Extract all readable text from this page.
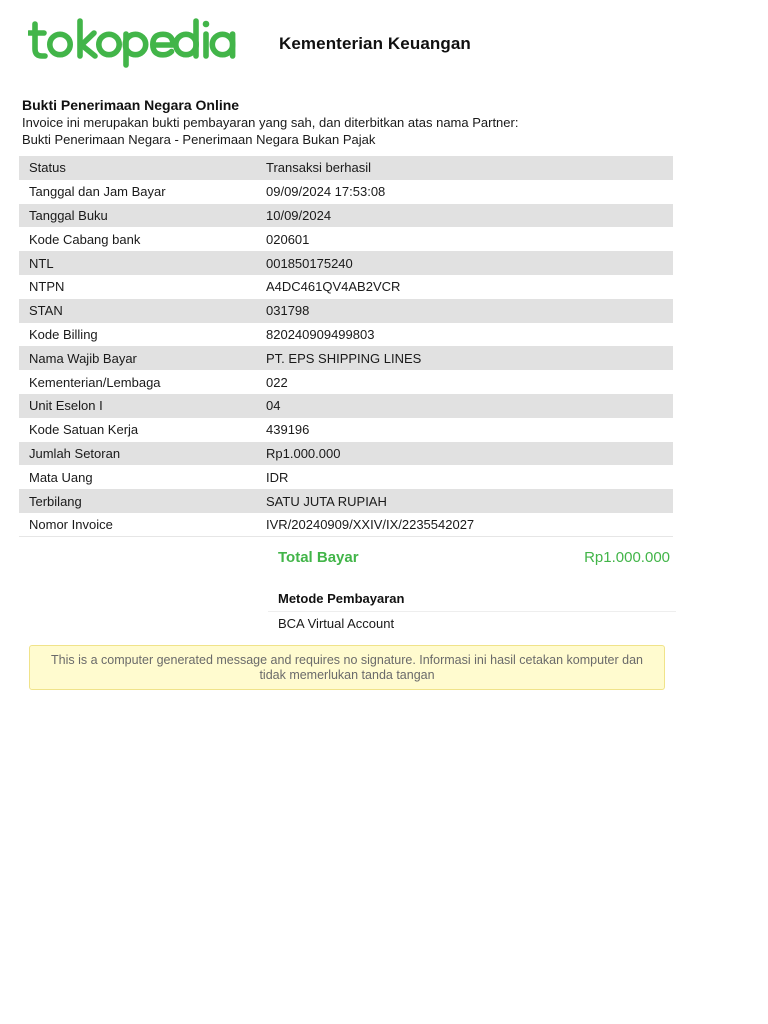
Kementerian Keuangan
Bukti Penerimaan Negara Online
Invoice ini merupakan bukti pembayaran yang sah, dan diterbitkan atas nama Partner:
Bukti Penerimaan Negara - Penerimaan Negara Bukan Pajak
Status	Transaksi berhasil
Tanggal dan Jam Bayar	09/09/2024 17:53:08
Tanggal Buku	10/09/2024
Kode Cabang bank	020601
NTL	001850175240
NTPN	A4DC461QV4AB2VCR
STAN	031798
Kode Billing	820240909499803
Nama Wajib Bayar	PT. EPS SHIPPING LINES
Kementerian/Lembaga	022
Unit Eselon I	04
Kode Satuan Kerja	439196
Jumlah Setoran	Rp1.000.000
Mata Uang	IDR
Terbilang	SATU JUTA RUPIAH
Nomor Invoice	IVR/20240909/XXIV/IX/2235542027
Total Bayar	Rp1.000.000
Metode Pembayaran
BCA Virtual Account
This is a computer generated message and requires no signature. Informasi ini hasil cetakan komputer dan tidak memerlukan tanda tangan
